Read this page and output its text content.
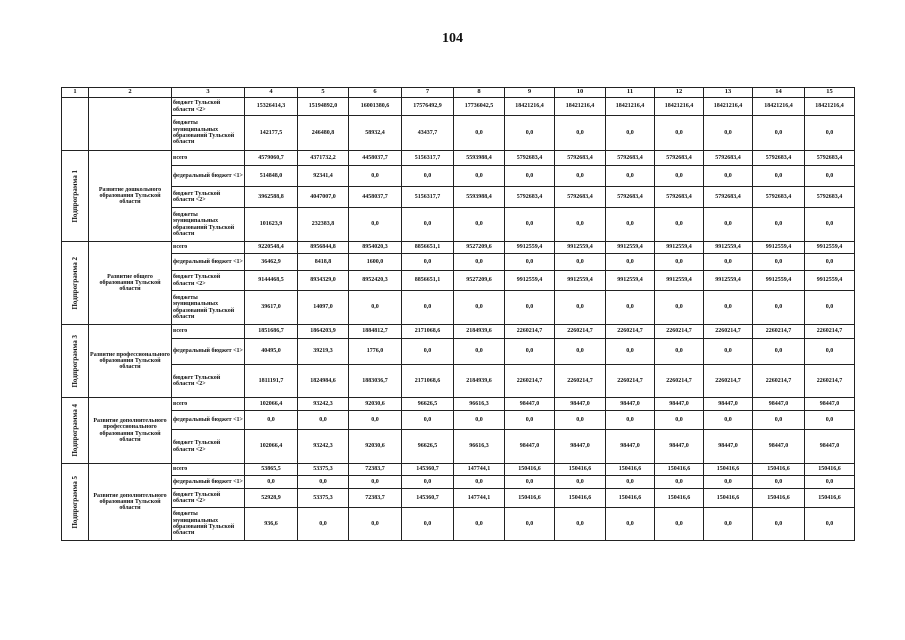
104
1	2	3	4	5	6	7	8	9	10	11	12	13	14	15

		бюджет Тульской области <2>	15326414,3	15194892,0	16001380,6	17576492,9	17736042,5	18421216,4	18421216,4	18421216,4	18421216,4	18421216,4	18421216,4	18421216,4
		бюджеты муниципальных образований Тульской области	142177,5	246480,8	58932,4	43437,7	0,0	0,0	0,0	0,0	0,0	0,0	0,0	0,0

Подпрограмма 1	Развитие дошкольного образования Тульской области	всего	4579060,7	4371732,2	4458037,7	5156317,7	5593988,4	5792683,4	5792683,4	5792683,4	5792683,4	5792683,4	5792683,4	5792683,4
		федеральный бюджет <1>	514848,0	92341,4	0,0	0,0	0,0	0,0	0,0	0,0	0,0	0,0	0,0	0,0
		бюджет Тульской области <2>	3962588,8	4047007,0	4458037,7	5156317,7	5593988,4	5792683,4	5792683,4	5792683,4	5792683,4	5792683,4	5792683,4	5792683,4
		бюджеты муниципальных образований Тульской области	101623,9	232383,8	0,0	0,0	0,0	0,0	0,0	0,0	0,0	0,0	0,0	0,0

Подпрограмма 2	Развитие общего образования Тульской области	всего	9220548,4	8956844,8	8954020,3	8856651,1	9527209,6	9912559,4	9912559,4	9912559,4	9912559,4	9912559,4	9912559,4	9912559,4
		федеральный бюджет <1>	36462,9	8418,8	1600,0	0,0	0,0	0,0	0,0	0,0	0,0	0,0	0,0	0,0
		бюджет Тульской области <2>	9144468,5	8934329,0	8952420,3	8856651,1	9527209,6	9912559,4	9912559,4	9912559,4	9912559,4	9912559,4	9912559,4	9912559,4
		бюджеты муниципальных образований Тульской области	39617,0	14097,0	0,0	0,0	0,0	0,0	0,0	0,0	0,0	0,0	0,0	0,0

Подпрограмма 3	Развитие профессионального образования Тульской области	всего	1851686,7	1864203,9	1884812,7	2171068,6	2184939,6	2260214,7	2260214,7	2260214,7	2260214,7	2260214,7	2260214,7	2260214,7
		федеральный бюджет <1>	40495,0	39219,3	1776,0	0,0	0,0	0,0	0,0	0,0	0,0	0,0	0,0	0,0
		бюджет Тульской области <2>	1811191,7	1824984,6	1883036,7	2171068,6	2184939,6	2260214,7	2260214,7	2260214,7	2260214,7	2260214,7	2260214,7	2260214,7

Подпрограмма 4	Развитие дополнительного профессионального образования Тульской области	всего	102066,4	93242,3	92030,6	96626,5	96616,3	98447,0	98447,0	98447,0	98447,0	98447,0	98447,0	98447,0
		федеральный бюджет <1>	0,0	0,0	0,0	0,0	0,0	0,0	0,0	0,0	0,0	0,0	0,0	0,0
		бюджет Тульской области <2>	102066,4	93242,3	92030,6	96626,5	96616,3	98447,0	98447,0	98447,0	98447,0	98447,0	98447,0	98447,0

Подпрограмма 5	Развитие дополнительного образования Тульской области	всего	53865,5	53375,3	72383,7	145360,7	147744,1	150416,6	150416,6	150416,6	150416,6	150416,6	150416,6	150416,6
		федеральный бюджет <1>	0,0	0,0	0,0	0,0	0,0	0,0	0,0	0,0	0,0	0,0	0,0	0,0
		бюджет Тульской области <2>	52928,9	53375,3	72383,7	145360,7	147744,1	150416,6	150416,6	150416,6	150416,6	150416,6	150416,6	150416,6
		бюджеты муниципальных образований Тульской области	936,6	0,0	0,0	0,0	0,0	0,0	0,0	0,0	0,0	0,0	0,0	0,0
